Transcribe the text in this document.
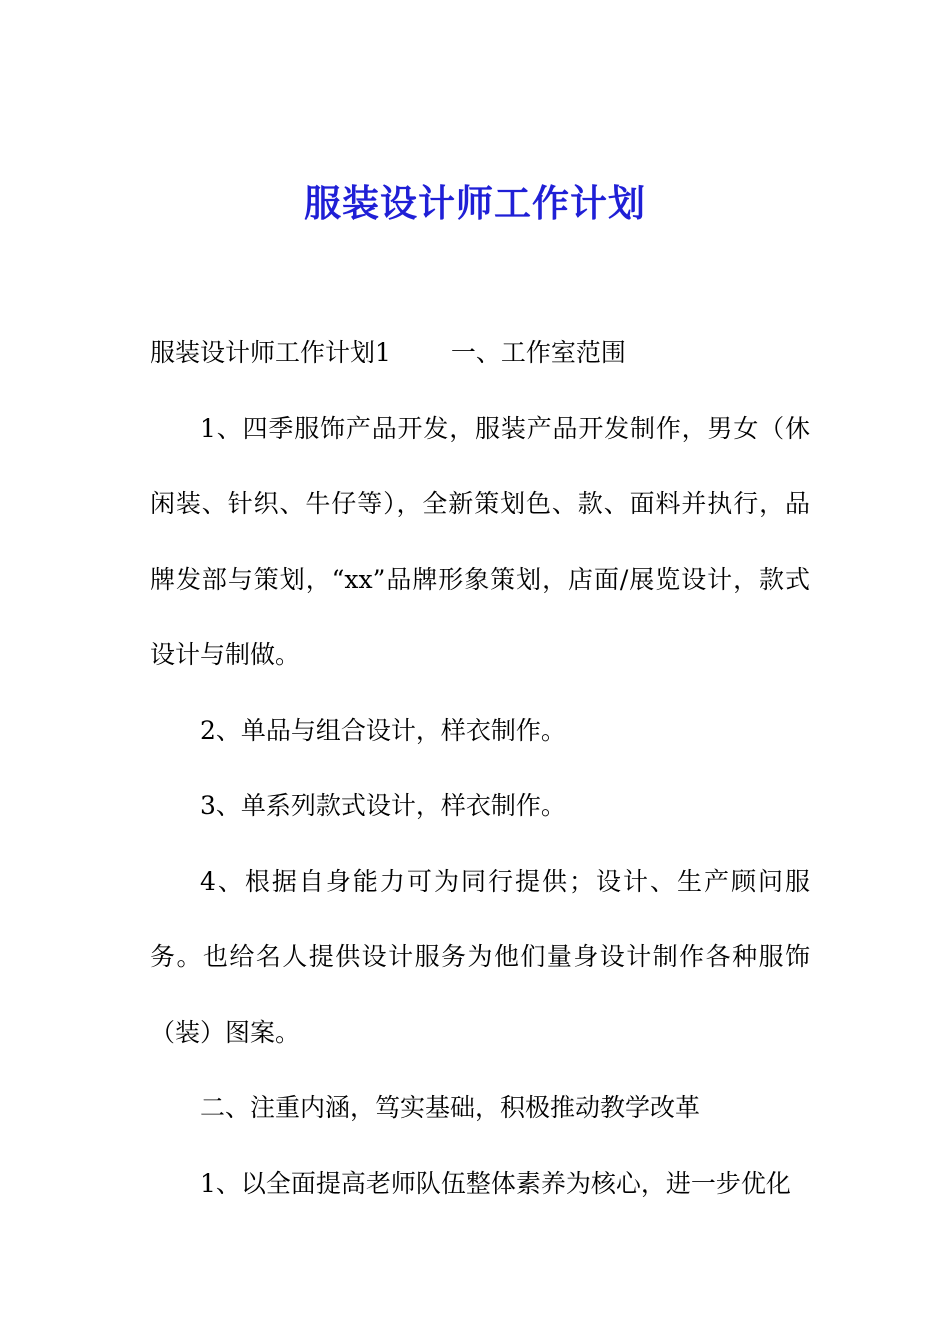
服装设计师工作计划

服装设计师工作计划1 一、工作室范围

1、四季服饰产品开发，服装产品开发制作，男女（休闲装、针织、牛仔等），全新策划色、款、面料并执行，品牌发部与策划，“xx”品牌形象策划，店面/展览设计，款式设计与制做。

2、单品与组合设计，样衣制作。

3、单系列款式设计，样衣制作。

4、根据自身能力可为同行提供；设计、生产顾问服务。也给名人提供设计服务为他们量身设计制作各种服饰（装）图案。

二、注重内涵，笃实基础，积极推动教学改革

1、以全面提高老师队伍整体素养为核心，进一步优化
